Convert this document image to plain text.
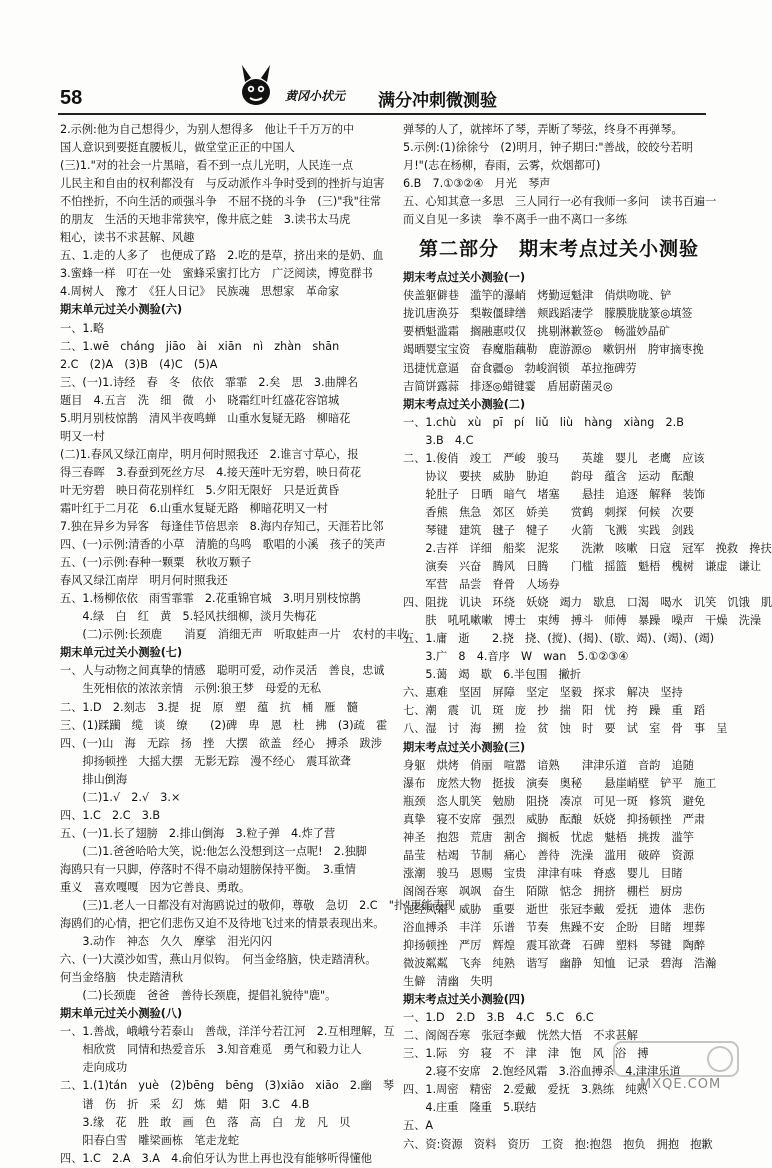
58	黄冈小状元 满分冲刺微测验
2.示例:他为自己想得少，为别人想得多　他让千千万万的中
国人意识到要挺直腰板儿，做堂堂正正的中国人
(三)1."对的社会一片黑暗，看不到一点儿光明，人民连一点
儿民主和自由的权利都没有　与反动派作斗争时受到的挫折与迫害
不怕挫折，不向生活的顽强斗争　不屈不挠的斗争　(三)"我"往常
的朋友　生活的天地非常狭窄，像井底之蛙　3.读书太马虎
粗心，读书不求甚解、风趣
五、1.走的人多了　也便成了路　2.吃的是草，挤出来的是奶、血
3.蜜蜂一样　叮在一处　蜜蜂采蜜打比方　广泛阅读，博览群书
4.周树人　豫才　《狂人日记》　民族魂　思想家　革命家
期末单元过关小测验(六)
一、1.略
二、1.wē　cháng　jiāo　ài　xiān　nì　zhàn　shān
2.C　(2)A　(3)B　(4)C　(5)A
三、(一)1.诗经　春　冬　依依　霏霏　2.矣　思　3.曲牌名
题目　4.五言　洗　细　微　小　晓霜红叶红盛花容馆城
5.明月别枝惊鹊　清风半夜鸣蝉　山重水复疑无路　柳暗花
明又一村
(二)1.春风又绿江南岸，明月何时照我还　2.谁言寸草心，报
得三春晖　3.春蚕到死丝方尽　4.接天莲叶无穷碧，映日荷花
叶无穷碧　映日荷花别样红　5.夕阳无限好　只是近黄昏
霜叶红于二月花　6.山重水复疑无路　柳暗花明又一村
7.独在异乡为异客　每逢佳节倍思亲　8.海内存知己，天涯若比邻
四、(一)示例:清香的小草　清脆的鸟鸣　歌唱的小溪　孩子的笑声
五、(一)示例:春种一颗粟　秋收万颗子
春风又绿江南岸　明月何时照我还
五、1.杨柳依依　雨雪霏霏　2.花重锦官城　3.明月别枝惊鹊
　　4.绿　白　红　黄　5.轻风扶细柳，淡月失梅花
　　(二)示例:长颈鹿　　消夏　消细无声　听取蛙声一片　农村的丰收
期末单元过关小测验(七)
一、人与动物之间真挚的情感　聪明可爱，动作灵活　善良，忠诚
　　生死相依的浓浓亲情　示例:狼王梦　母爱的无私
二、1.D　2.刻志　3.提　捉　原　塑　蕴　抗　桶　雁　髓
三、(1)蹂躏　缆　谈　缭　　(2)碑　卑　恩　杜　拂　(3)疏　霍
四、(一)山　海　无踪　扬　挫　大摆　欲盖　经心　搏杀　跋涉
　　抑扬顿挫　大摇大摆　无影无踪　漫不经心　震耳欲聋
　　排山倒海
　　(二)1.√　2.√　3.×
四、1.C　2.C　3.B
五、(一)1.长了翅膀　2.排山倒海　3.粒子弹　4.炸了营
　　(二)1.爸爸哈哈大笑，说:他怎么没想到这一点呢!　2.独脚
海鸥只有一只脚，停落时不得不扇动翅膀保持平衡。　3.重情
重义　喜欢嘎嘎　因为它善良、勇敢。
　　(三)1.老人一日都没有对海鸥说过的敬仰，尊敬　急切　2.C　"扑"更能表现
海鸥们的心情，把它们悲伤又迫不及待地飞过来的情景表现出来。
　　3.动作　神态　久久　摩挲　泪光闪闪
六、(一)大漠沙如雪，燕山月似钩。　何当金络脑，快走踏清秋。
何当金络脑　快走踏清秋
　　(二)长颈鹿　爸爸　善待长颈鹿，提倡礼貌待"鹿"。
期末单元过关小测验(八)
一、1.善战，峨峨兮若泰山　善哉，洋洋兮若江河　2.互相理解，互
　　相欣赏　同情和热爱音乐　3.知音难觅　勇气和毅力让人
　　走向成功
二、1.(1)tán　yuè　(2)bēng　bēng　(3)xiāo　xiāo　2.幽　琴
　　谱　伤　折　采　幻　炼　蜡　阳　3.C　4.B
　　3.缘　花　胜　敢　画　色　落　高　白　龙　凡　贝
　　阳春白雪　雕梁画栋　笔走龙蛇
四、1.C　2.A　3.A　4.俞伯牙认为世上再也没有能够听得懂他
弹琴的人了，就摔坏了琴，弄断了琴弦，终身不再弹琴。
5.示例:(1)徐徐兮　(2)明月，钟子期曰:"善战，皎皎兮若明
月!"(志在杨柳，春雨，云雾，炊烟都可)
6.B　7.①③②④　月光　琴声
五、心知其意一多思　三人同行一必有我师一多问　读书百遍一
而义自见一多读　拳不离手一曲不离口一多练
第二部分　期末考点过关小测验
期末考点过关小测验(一)
侠盖躯僻巷　滥竽的瀑峭　烤勤逗魁津　俏烘吻咙、铲
拢讥唐涣芬　梨鞍僵肆缮　颊践蹈凄学　朦膜胧胧篆◎填签
要栖魁滥霜　搁融惠哎仅　挑剔淋歉签◎　畅滥妙晶矿
竭晒婴宝宝资　春魔脂藕勒　鹿游源◎　嗽钥州　胯审摘枣挽
迅捷忧意逼　奋食疆◎　勃峻润锁　革拉拖碑劳
吉简饼露蒜　排逐◎蜡键霎　盾屈蔚菌灵◎
期末考点过关小测验(二)
一、1.chù　xù　pī　pí　liǔ　liù　hàng　xiàng　2.B
　　3.B　4.C
二、1.俊俏　竣工　严峻　骏马　　英雄　婴儿　老鹰　应该
　　协议　要挟　威胁　胁迫　　韵母　蕴含　运动　酝酿
　　轮肚子　日晒　暗气　堵塞　　悬挂　追逐　解释　装饰
　　香熊　焦急　郊区　娇美　　赏鹤　刺探　何候　次要
　　琴键　建筑　毽子　犍子　　火箭　飞溅　实践　剑践
　　2.吉祥　详细　船桨　泥浆　　洗漱　咳嗽　日寇　冠军　挽救　搀扶
　　演奏　兴奋　腾风　日腾　　门槛　摇篮　魁梧　槐树　谦虚　谦让
　　军营　品尝　脊骨　人场券
四、阻拢　讥诀　环绕　妖娆　竭力　歇息　口渴　喝水　讥笑　饥饿　肌
　　肤　吼吼嗽嗽　博士　束缚　搏斗　师傅　暴躁　噪声　干燥　洗澡
五、1.庸　逝　　2.挠　挠、(搅)、(揭)、(歇、竭)、(竭)、(竭)
　　3.广　8　4.音序　W　wan　5.①②③④
　　5.蔼　竭　歇　6.半包围　撇折
六、惠难　坚固　屏障　坚定　坚毅　探求　解决　坚持
七、潮　震　讥　斑　庞　抄　揣　阳　忧　挎　躁　重　蹈
八、湿　讨　海　搠　捡　贫　蚀　时　要　试　室　骨　事　呈
期末考点过关小测验(三)
身躯　烘烤　俏丽　喧嚣　谙熟　　津津乐道　音韵　追随
瀑布　庞然大物　挺拔　演奏　奥秘　　悬崖峭壁　铲平　施工
瓶颈　恣人肌笑　勉励　阻挠　凑凉　可见一斑　修筑　避免
真挚　寝不安席　强烈　威胁　酝酿　妖娆　抑扬顿挫　严肃
神圣　抱怨　荒唐　割舍　搁板　忧虑　魅梧　挑拨　滥竽
晶莹　枯竭　节制　痛心　善待　洗澡　滥用　破碎　资源
涨潮　骏马　恩赐　宝贵　津津有味　脊惑　婴儿　目睹
阁阁吞寒　飒飒　奋生　陌隙　惦念　拥挤　棚栏　厨房
饱经风霜　威胁　重要　逝世　张冠李戴　爱抚　遗体　悲伤
浴血搏杀　丰洋　乐谱　节奏　焦躁不安　企盼　目睹　埋葬
抑扬顿挫　严厉　辉煌　震耳欲聋　石碑　塑料　琴键　陶醉
微波粼粼　飞奔　纯熟　谐写　幽静　知恤　记录　碧海　浩瀚
生僻　清幽　失明
期末考点过关小测验(四)
一、1.D　2.D　3.B　4.C　5.C　6.C
二、阁阁吞寒　张冠李戴　恍然大悟　不求甚解
三、1.际　穷　寝　不　津　津　饱　风　浴　搏
　　2.寝不安席　2.饱经风霜　3.浴血搏杀　4.津津乐道
四、1.周密　精密　2.爱戴　爱抚　3.熟练　纯熟
　　4.庄重　隆重　5.联结
五、A
六、资:资源　资料　资历　工资　抱:抱怨　抱负　拥抱　抱歉
MXQE.COM
